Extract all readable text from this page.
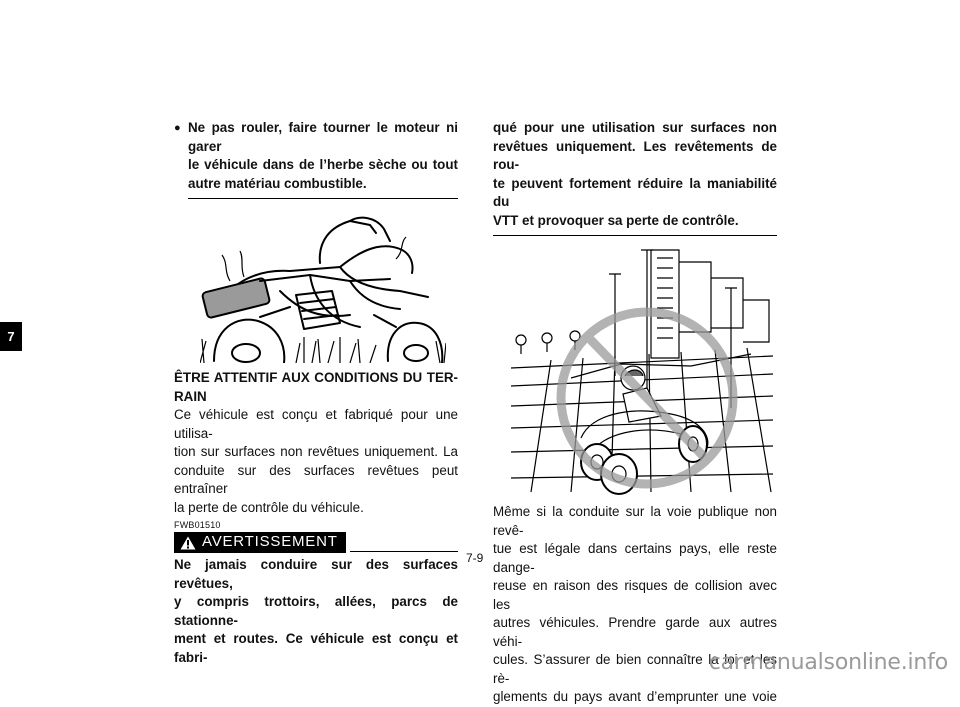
7
● Ne pas rouler, faire tourner le moteur ni garer
le véhicule dans de l’herbe sèche ou tout
autre matériau combustible.
ÊTRE ATTENTIF AUX CONDITIONS DU TER-
RAIN
Ce véhicule est conçu et fabriqué pour une utilisa-
tion sur surfaces non revêtues uniquement. La
conduite sur des surfaces revêtues peut entraîner
la perte de contrôle du véhicule.
FWB01510
AVERTISSEMENT
Ne jamais conduire sur des surfaces revêtues,
y compris trottoirs, allées, parcs de stationne-
ment et routes. Ce véhicule est conçu et fabri-
qué pour une utilisation sur surfaces non
revêtues uniquement. Les revêtements de rou-
te peuvent fortement réduire la maniabilité du
VTT et provoquer sa perte de contrôle.
Même si la conduite sur la voie publique non revê-
tue est légale dans certains pays, elle reste dange-
reuse en raison des risques de collision avec les
autres véhicules. Prendre garde aux autres véhi-
cules. S’assurer de bien connaître la loi et les rè-
glements du pays avant d’emprunter une voie
7-9
carmanualsonline.info
